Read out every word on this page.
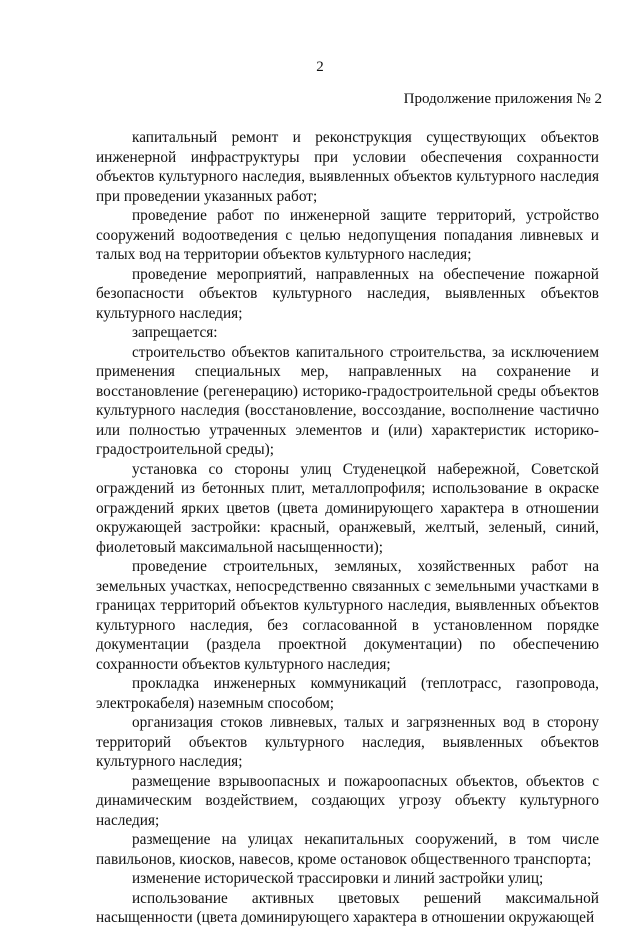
2
Продолжение приложения № 2

капитальный ремонт и реконструкция существующих объектов инженерной инфраструктуры при условии обеспечения сохранности объектов культурного наследия, выявленных объектов культурного наследия при проведении указанных работ;

проведение работ по инженерной защите территорий, устройство сооружений водоотведения с целью недопущения попадания ливневых и талых вод на территории объектов культурного наследия;

проведение мероприятий, направленных на обеспечение пожарной безопасности объектов культурного наследия, выявленных объектов культурного наследия;

запрещается:

строительство объектов капитального строительства, за исключением применения специальных мер, направленных на сохранение и восстановление (регенерацию) историко-градостроительной среды объектов культурного наследия (восстановление, воссоздание, восполнение частично или полностью утраченных элементов и (или) характеристик историко-градостроительной среды);

установка со стороны улиц Студенецкой набережной, Советской ограждений из бетонных плит, металлопрофиля; использование в окраске ограждений ярких цветов (цвета доминирующего характера в отношении окружающей застройки: красный, оранжевый, желтый, зеленый, синий, фиолетовый максимальной насыщенности);

проведение строительных, земляных, хозяйственных работ на земельных участках, непосредственно связанных с земельными участками в границах территорий объектов культурного наследия, выявленных объектов культурного наследия, без согласованной в установленном порядке документации (раздела проектной документации) по обеспечению сохранности объектов культурного наследия;

прокладка инженерных коммуникаций (теплотрасс, газопровода, электрокабеля) наземным способом;

организация стоков ливневых, талых и загрязненных вод в сторону территорий объектов культурного наследия, выявленных объектов культурного наследия;

размещение взрывоопасных и пожароопасных объектов, объектов с динамическим воздействием, создающих угрозу объекту культурного наследия;

размещение на улицах некапитальных сооружений, в том числе павильонов, киосков, навесов, кроме остановок общественного транспорта;

изменение исторической трассировки и линий застройки улиц;

использование активных цветовых решений максимальной насыщенности (цвета доминирующего характера в отношении окружающей
